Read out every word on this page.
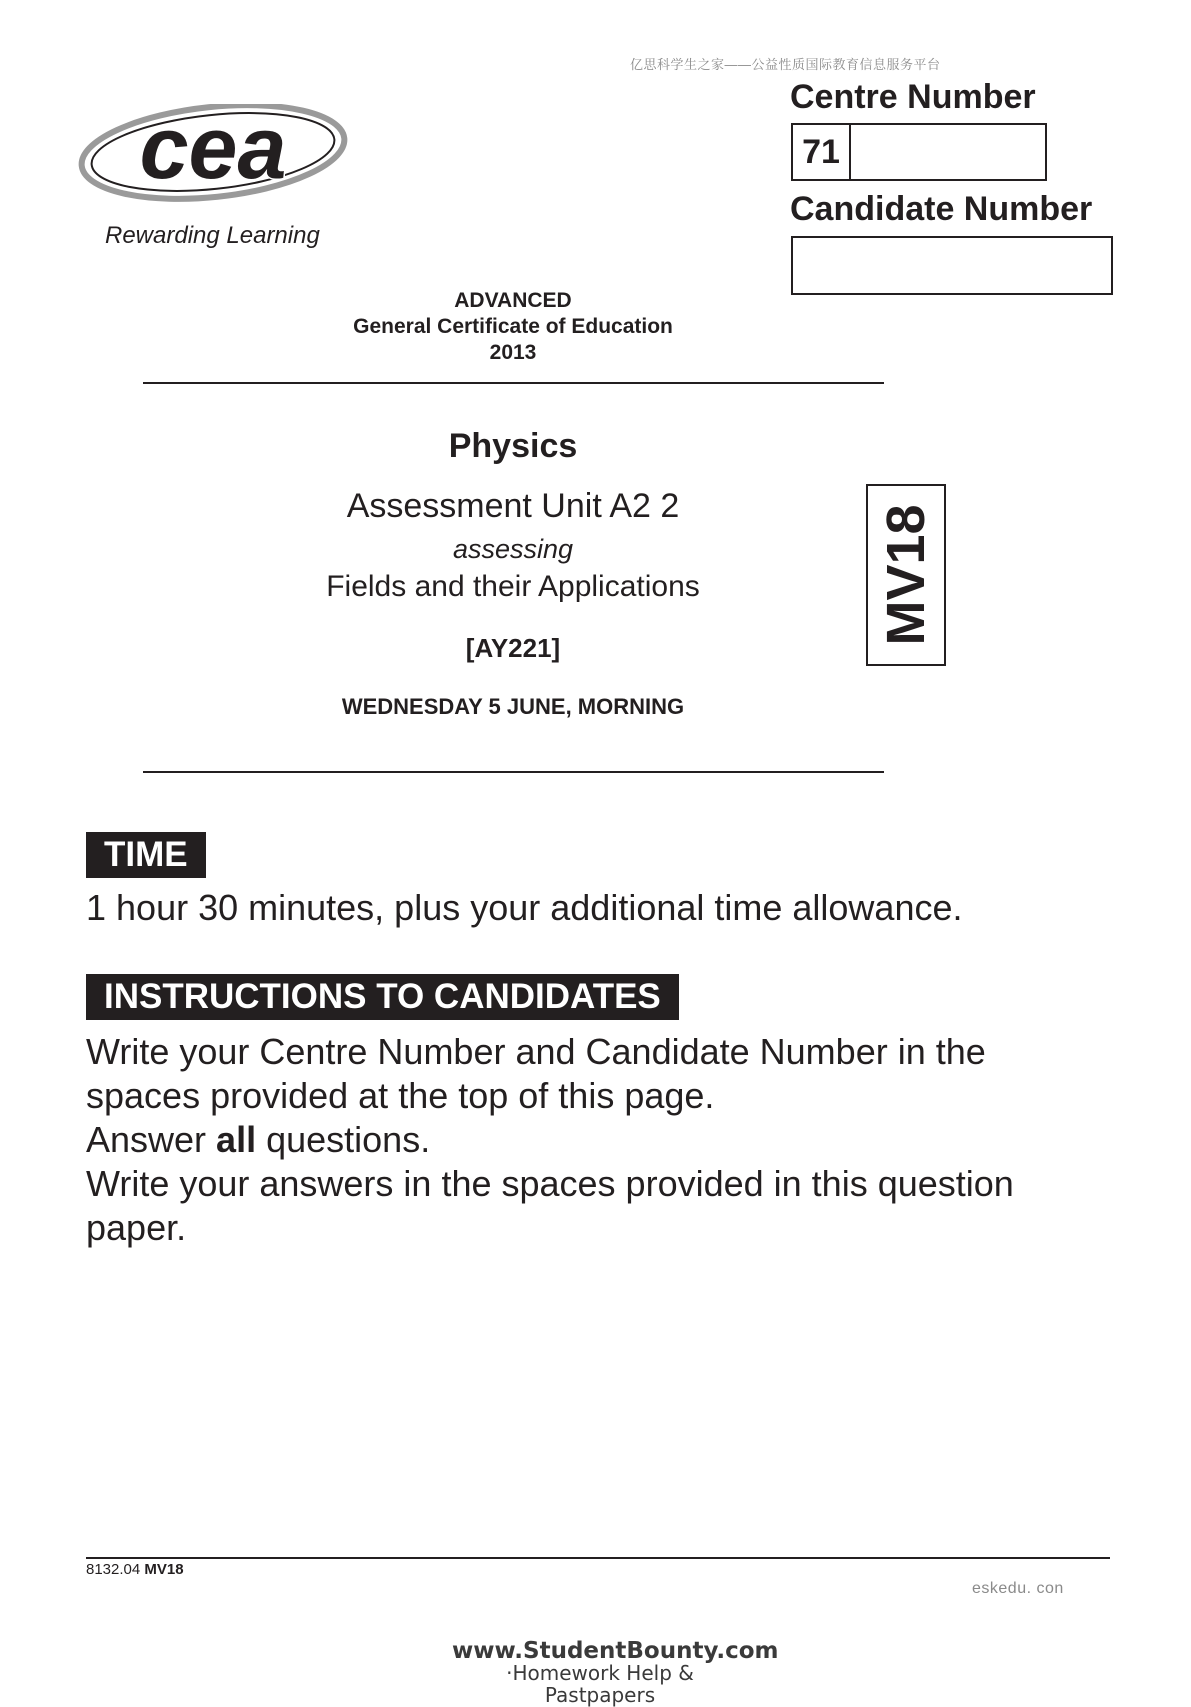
亿思科学生之家——公益性质国际教育信息服务平台
cea
Rewarding Learning
Centre Number
71
Candidate Number
ADVANCED
General Certificate of Education
2013
Physics
Assessment Unit A2 2
assessing
Fields and their Applications
[AY221]
WEDNESDAY 5 JUNE, MORNING
MV18
TIME
1 hour 30 minutes, plus your additional time allowance.
INSTRUCTIONS TO CANDIDATES

Write your Centre Number and Candidate Number in the spaces provided at the top of this page.

Answer all questions.

Write your answers in the spaces provided in this question paper.

8132.04 MV18
eskedu. con
www.StudentBounty.com
·Homework Help & Pastpapers
